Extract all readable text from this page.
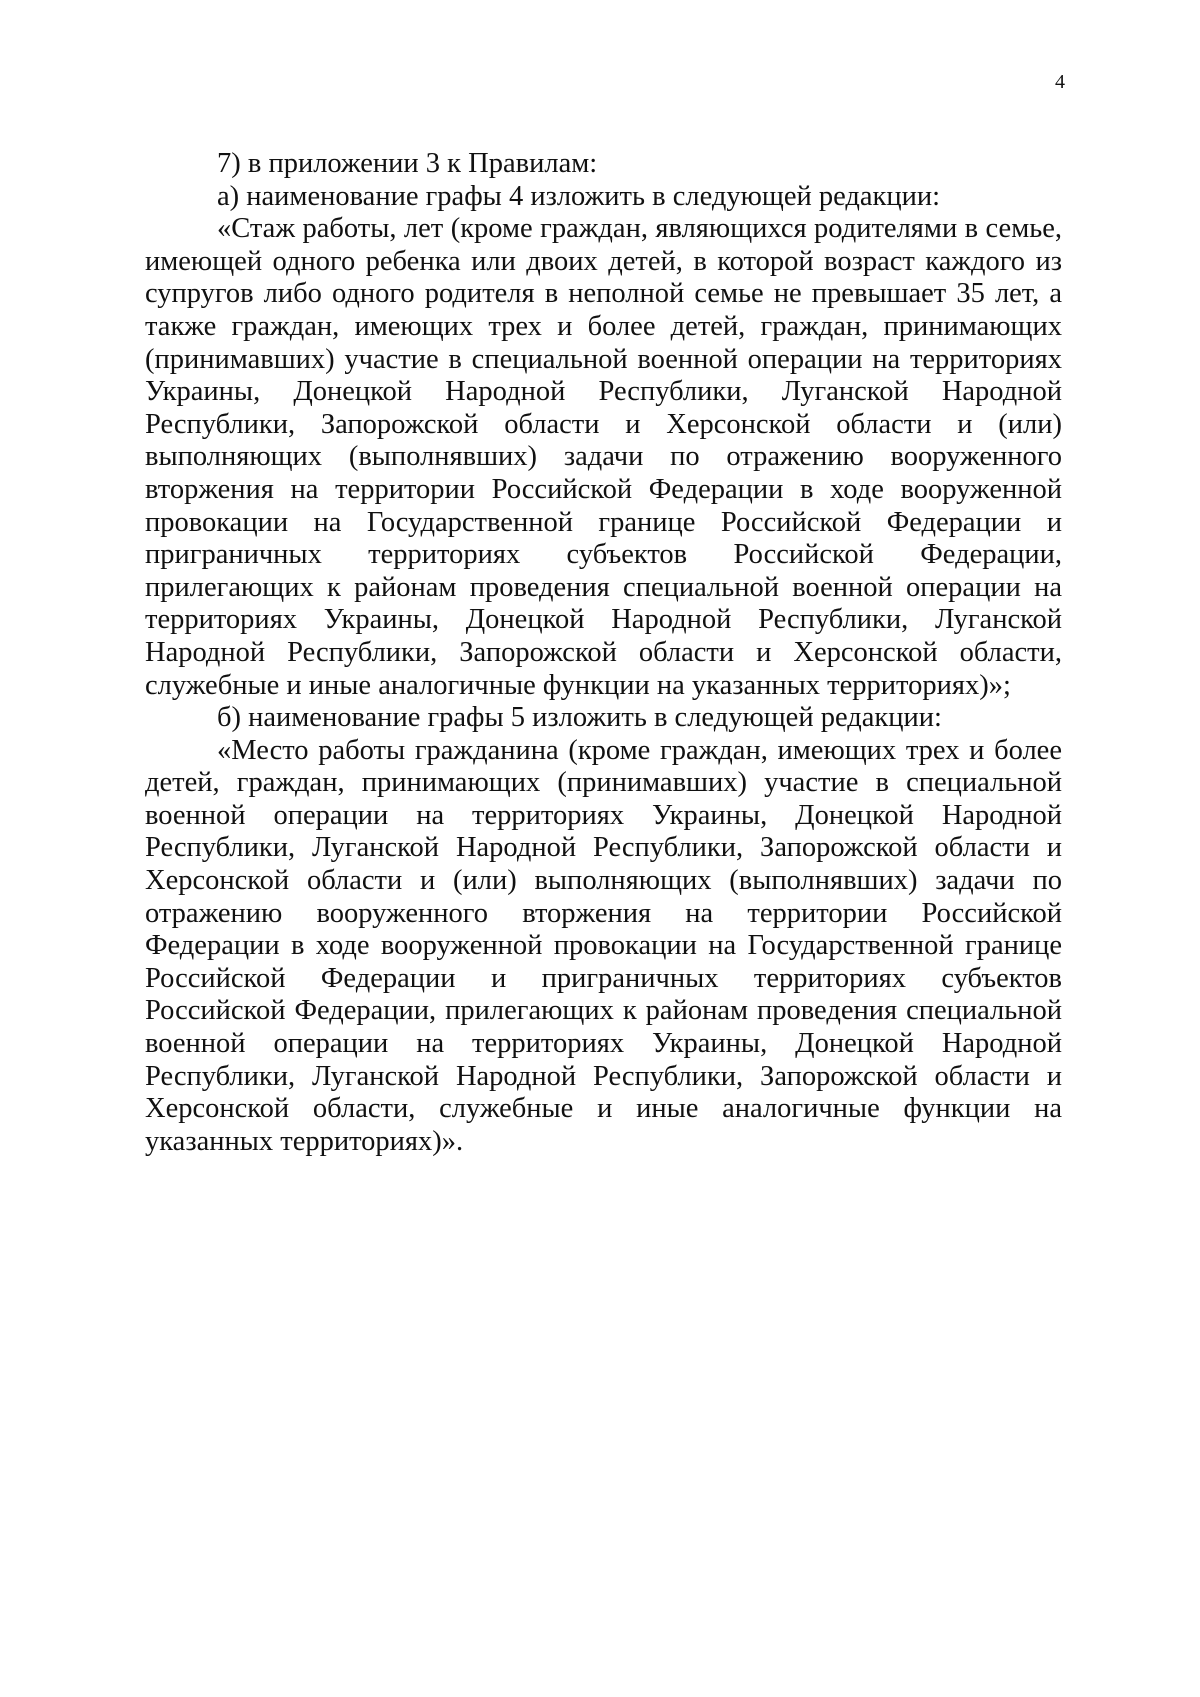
4

7) в приложении 3 к Правилам:

а) наименование графы 4 изложить в следующей редакции:

«Стаж работы, лет (кроме граждан, являющихся родителями в семье, имеющей одного ребенка или двоих детей, в которой возраст каждого из супругов либо одного родителя в неполной семье не превышает 35 лет, а также граждан, имеющих трех и более детей, граждан, принимающих (принимавших) участие в специальной военной операции на территориях Украины, Донецкой Народной Республики, Луганской Народной Республики, Запорожской области и Херсонской области и (или) выполняющих (выполнявших) задачи по отражению вооруженного вторжения на территории Российской Федерации в ходе вооруженной провокации на Государственной границе Российской Федерации и приграничных территориях субъектов Российской Федерации, прилегающих к районам проведения специальной военной операции на территориях Украины, Донецкой Народной Республики, Луганской Народной Республики, Запорожской области и Херсонской области, служебные и иные аналогичные функции на указанных территориях)»;

б) наименование графы 5 изложить в следующей редакции:

«Место работы гражданина (кроме граждан, имеющих трех и более детей, граждан, принимающих (принимавших) участие в специальной военной операции на территориях Украины, Донецкой Народной Республики, Луганской Народной Республики, Запорожской области и Херсонской области и (или) выполняющих (выполнявших) задачи по отражению вооруженного вторжения на территории Российской Федерации в ходе вооруженной провокации на Государственной границе Российской Федерации и приграничных территориях субъектов Российской Федерации, прилегающих к районам проведения специальной военной операции на территориях Украины, Донецкой Народной Республики, Луганской Народной Республики, Запорожской области и Херсонской области, служебные и иные аналогичные функции на указанных территориях)».
